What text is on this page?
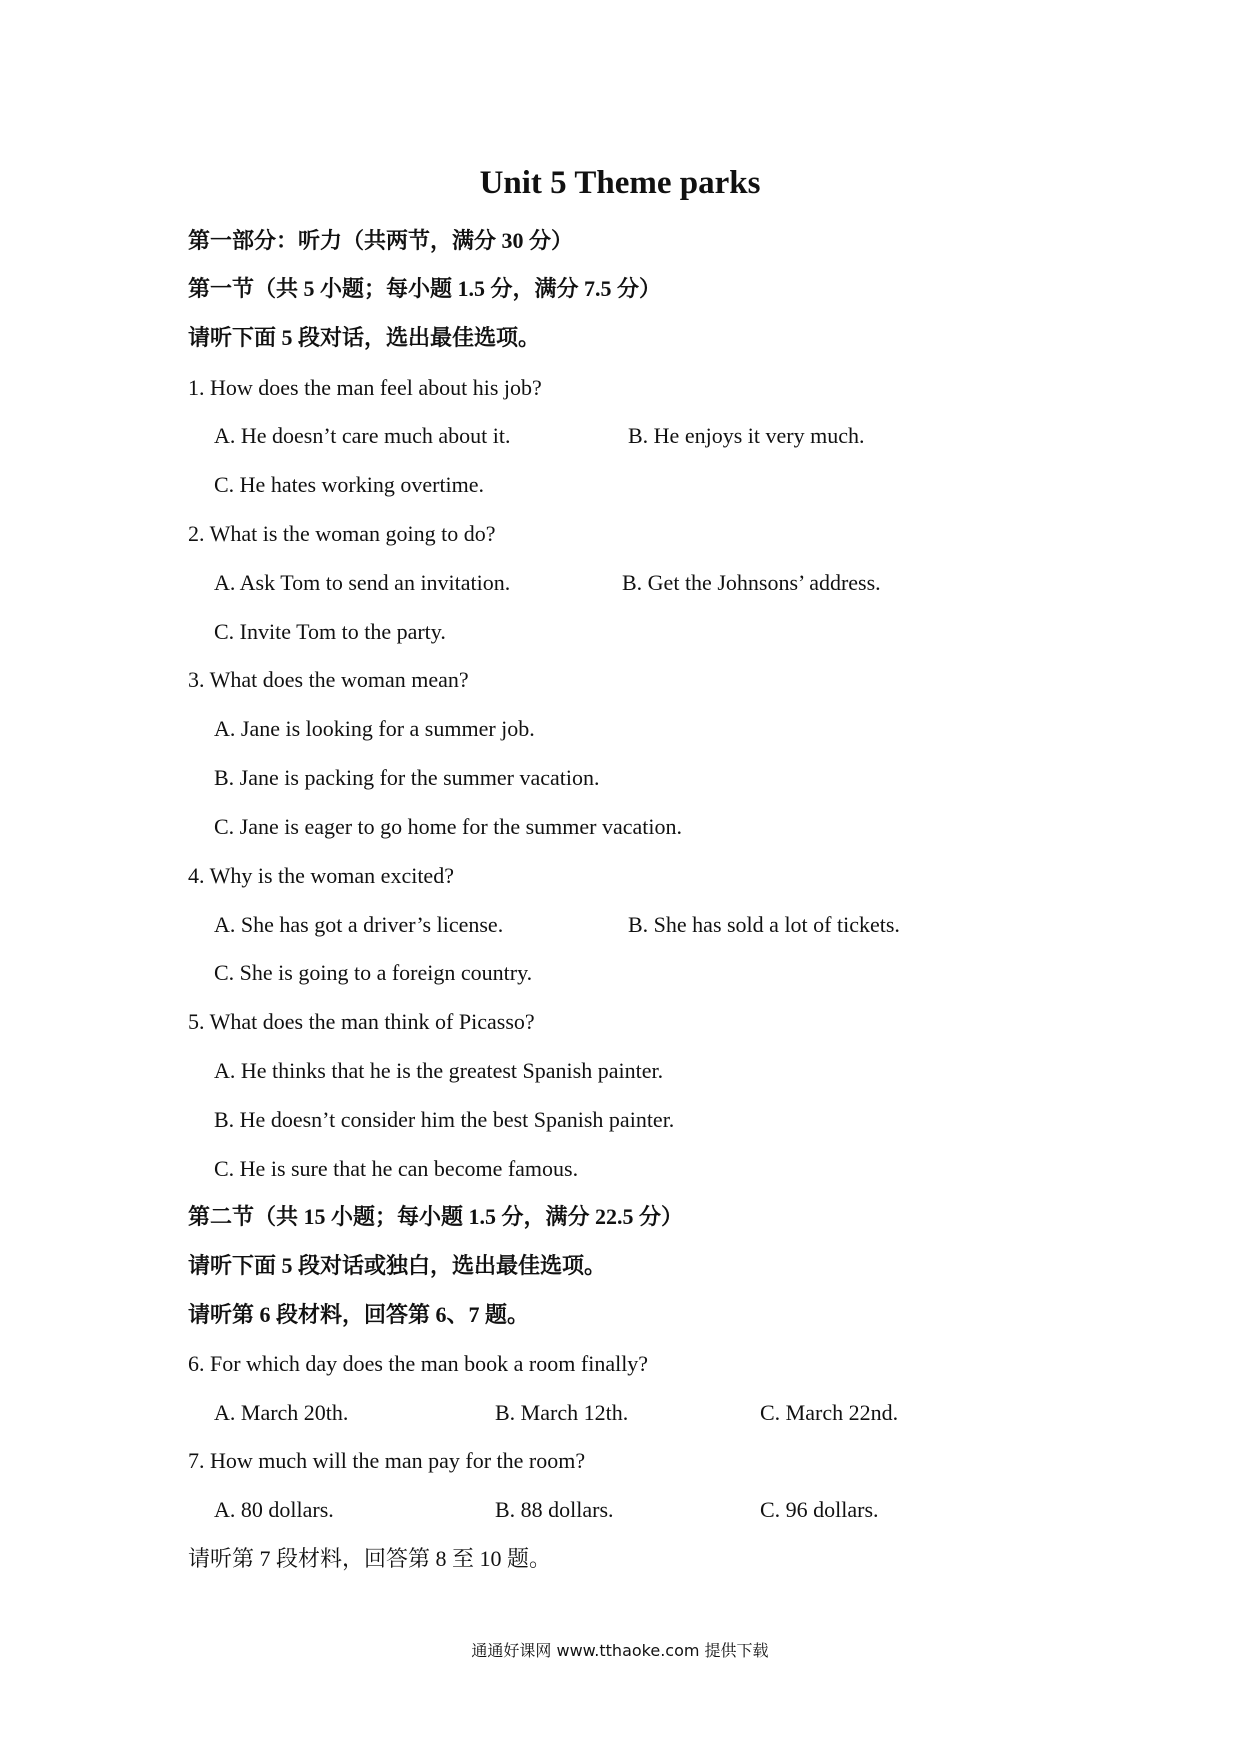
Unit 5 Theme parks
第一部分：听力（共两节，满分 30 分）
第一节（共 5 小题；每小题 1.5 分，满分 7.5 分）
请听下面 5 段对话，选出最佳选项。
1. How does the man feel about his job?
A. He doesn’t care much about it.	B. He enjoys it very much.
C. He hates working overtime.
2. What is the woman going to do?
A. Ask Tom to send an invitation.	B. Get the Johnsons’ address.
C. Invite Tom to the party.
3. What does the woman mean?
A. Jane is looking for a summer job.
B. Jane is packing for the summer vacation.
C. Jane is eager to go home for the summer vacation.
4. Why is the woman excited?
A. She has got a driver’s license.	B. She has sold a lot of tickets.
C. She is going to a foreign country.
5. What does the man think of Picasso?
A. He thinks that he is the greatest Spanish painter.
B. He doesn’t consider him the best Spanish painter.
C. He is sure that he can become famous.
第二节（共 15 小题；每小题 1.5 分，满分 22.5 分）
请听下面 5 段对话或独白，选出最佳选项。
请听第 6 段材料，回答第 6、7 题。
6. For which day does the man book a room finally?
A. March 20th.	B. March 12th.	C. March 22nd.
7. How much will the man pay for the room?
A. 80 dollars.	B. 88 dollars.	C. 96 dollars.
请听第 7 段材料，回答第 8 至 10 题。
通通好课网 www.tthaoke.com 提供下载
